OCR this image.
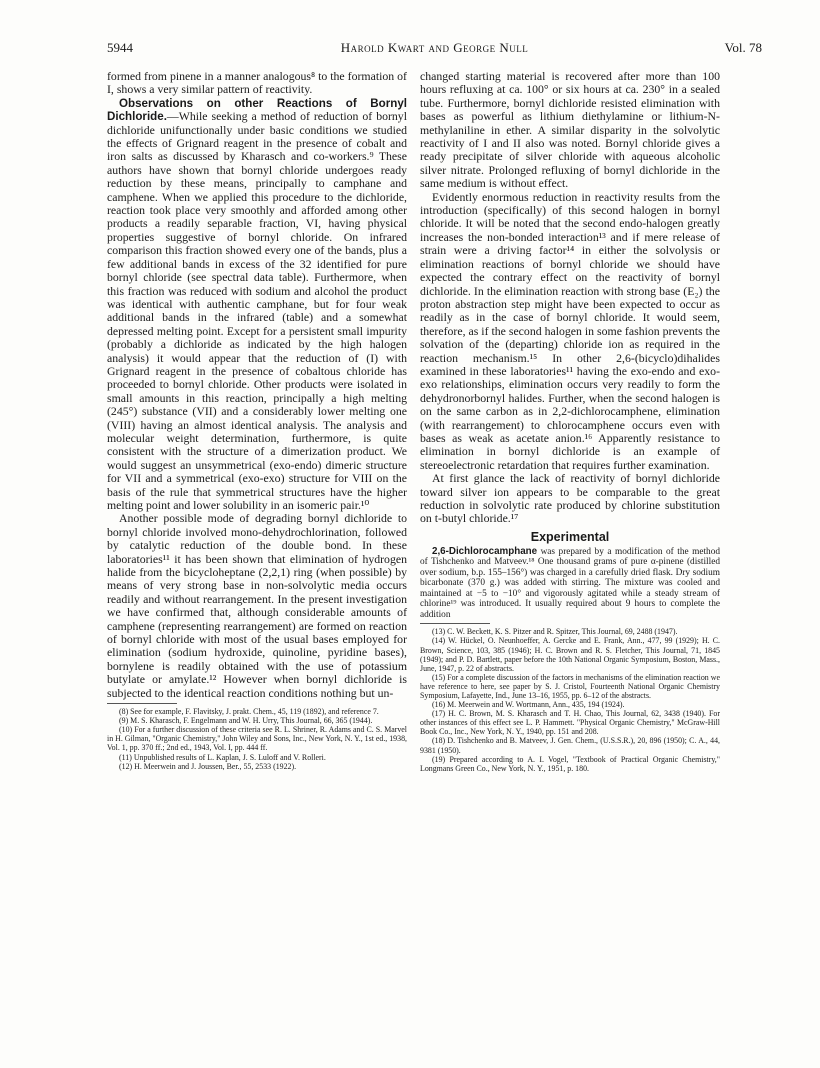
5944	Harold Kwart and George Null	Vol. 78

formed from pinene in a manner analogous⁸ to the formation of I, shows a very similar pattern of reactivity.

Observations on other Reactions of Bornyl Dichloride.—While seeking a method of reduction of bornyl dichloride unifunctionally under basic conditions we studied the effects of Grignard reagent in the presence of cobalt and iron salts as discussed by Kharasch and co-workers.⁹ These authors have shown that bornyl chloride undergoes ready reduction by these means, principally to camphane and camphene. When we applied this procedure to the dichloride, reaction took place very smoothly and afforded among other products a readily separable fraction, VI, having physical properties suggestive of bornyl chloride. On infrared comparison this fraction showed every one of the bands, plus a few additional bands in excess of the 32 identified for pure bornyl chloride (see spectral data table). Furthermore, when this fraction was reduced with sodium and alcohol the product was identical with authentic camphane, but for four weak additional bands in the infrared (table) and a somewhat depressed melting point. Except for a persistent small impurity (probably a dichloride as indicated by the high halogen analysis) it would appear that the reduction of (I) with Grignard reagent in the presence of cobaltous chloride has proceeded to bornyl chloride. Other products were isolated in small amounts in this reaction, principally a high melting (245°) substance (VII) and a considerably lower melting one (VIII) having an almost identical analysis. The analysis and molecular weight determination, furthermore, is quite consistent with the structure of a dimerization product. We would suggest an unsymmetrical (exo-endo) dimeric structure for VII and a symmetrical (exo-exo) structure for VIII on the basis of the rule that symmetrical structures have the higher melting point and lower solubility in an isomeric pair.¹⁰

Another possible mode of degrading bornyl dichloride to bornyl chloride involved mono-dehydrochlorination, followed by catalytic reduction of the double bond. In these laboratories¹¹ it has been shown that elimination of hydrogen halide from the bicycloheptane (2,2,1) ring (when possible) by means of very strong base in non-solvolytic media occurs readily and without rearrangement. In the present investigation we have confirmed that, although considerable amounts of camphene (representing rearrangement) are formed on reaction of bornyl chloride with most of the usual bases employed for elimination (sodium hydroxide, quinoline, pyridine bases), bornylene is readily obtained with the use of potassium butylate or amylate.¹² However when bornyl dichloride is subjected to the identical reaction conditions nothing but un-

(8) See for example, F. Flavitsky, J. prakt. Chem., 45, 119 (1892), and reference 7.

(9) M. S. Kharasch, F. Engelmann and W. H. Urry, This Journal, 66, 365 (1944).

(10) For a further discussion of these criteria see R. L. Shriner, R. Adams and C. S. Marvel in H. Gilman, "Organic Chemistry," John Wiley and Sons, Inc., New York, N. Y., 1st ed., 1938, Vol. 1, pp. 370 ff.; 2nd ed., 1943, Vol. I, pp. 444 ff.

(11) Unpublished results of L. Kaplan, J. S. Luloff and V. Rolleri.

(12) H. Meerwein and J. Joussen, Ber., 55, 2533 (1922).

changed starting material is recovered after more than 100 hours refluxing at ca. 100° or six hours at ca. 230° in a sealed tube. Furthermore, bornyl dichloride resisted elimination with bases as powerful as lithium diethylamine or lithium-N-methylaniline in ether. A similar disparity in the solvolytic reactivity of I and II also was noted. Bornyl chloride gives a ready precipitate of silver chloride with aqueous alcoholic silver nitrate. Prolonged refluxing of bornyl dichloride in the same medium is without effect.

Evidently enormous reduction in reactivity results from the introduction (specifically) of this second halogen in bornyl chloride. It will be noted that the second endo-halogen greatly increases the non-bonded interaction¹³ and if mere release of strain were a driving factor¹⁴ in either the solvolysis or elimination reactions of bornyl chloride we should have expected the contrary effect on the reactivity of bornyl dichloride. In the elimination reaction with strong base (E₂) the proton abstraction step might have been expected to occur as readily as in the case of bornyl chloride. It would seem, therefore, as if the second halogen in some fashion prevents the solvation of the (departing) chloride ion as required in the reaction mechanism.¹⁵ In other 2,6-(bicyclo)dihalides examined in these laboratories¹¹ having the exo-endo and exo-exo relationships, elimination occurs very readily to form the dehydronorbornyl halides. Further, when the second halogen is on the same carbon as in 2,2-dichlorocamphene, elimination (with rearrangement) to chlorocamphene occurs even with bases as weak as acetate anion.¹⁶ Apparently resistance to elimination in bornyl dichloride is an example of stereoelectronic retardation that requires further examination.

At first glance the lack of reactivity of bornyl dichloride toward silver ion appears to be comparable to the great reduction in solvolytic rate produced by chlorine substitution on t-butyl chloride.¹⁷

Experimental

2,6-Dichlorocamphane was prepared by a modification of the method of Tishchenko and Matveev.¹⁸ One thousand grams of pure α-pinene (distilled over sodium, b.p. 155–156°) was charged in a carefully dried flask. Dry sodium bicarbonate (370 g.) was added with stirring. The mixture was cooled and maintained at −5 to −10° and vigorously agitated while a steady stream of chlorine¹⁹ was introduced. It usually required about 9 hours to complete the addition

(13) C. W. Beckett, K. S. Pitzer and R. Spitzer, This Journal, 69, 2488 (1947).

(14) W. Hückel, O. Neunhoeffer, A. Gercke and E. Frank, Ann., 477, 99 (1929); H. C. Brown, Science, 103, 385 (1946); H. C. Brown and R. S. Fletcher, This Journal, 71, 1845 (1949); and P. D. Bartlett, paper before the 10th National Organic Symposium, Boston, Mass., June, 1947, p. 22 of abstracts.

(15) For a complete discussion of the factors in mechanisms of the elimination reaction we have reference to here, see paper by S. J. Cristol, Fourteenth National Organic Chemistry Symposium, Lafayette, Ind., June 13–16, 1955, pp. 6–12 of the abstracts.

(16) M. Meerwein and W. Wortmann, Ann., 435, 194 (1924).

(17) H. C. Brown, M. S. Kharasch and T. H. Chao, This Journal, 62, 3438 (1940). For other instances of this effect see L. P. Hammett. "Physical Organic Chemistry," McGraw-Hill Book Co., Inc., New York, N. Y., 1940, pp. 151 and 208.

(18) D. Tishchenko and B. Matveev, J. Gen. Chem., (U.S.S.R.), 20, 896 (1950); C. A., 44, 9381 (1950).

(19) Prepared according to A. I. Vogel, "Textbook of Practical Organic Chemistry," Longmans Green Co., New York, N. Y., 1951, p. 180.
